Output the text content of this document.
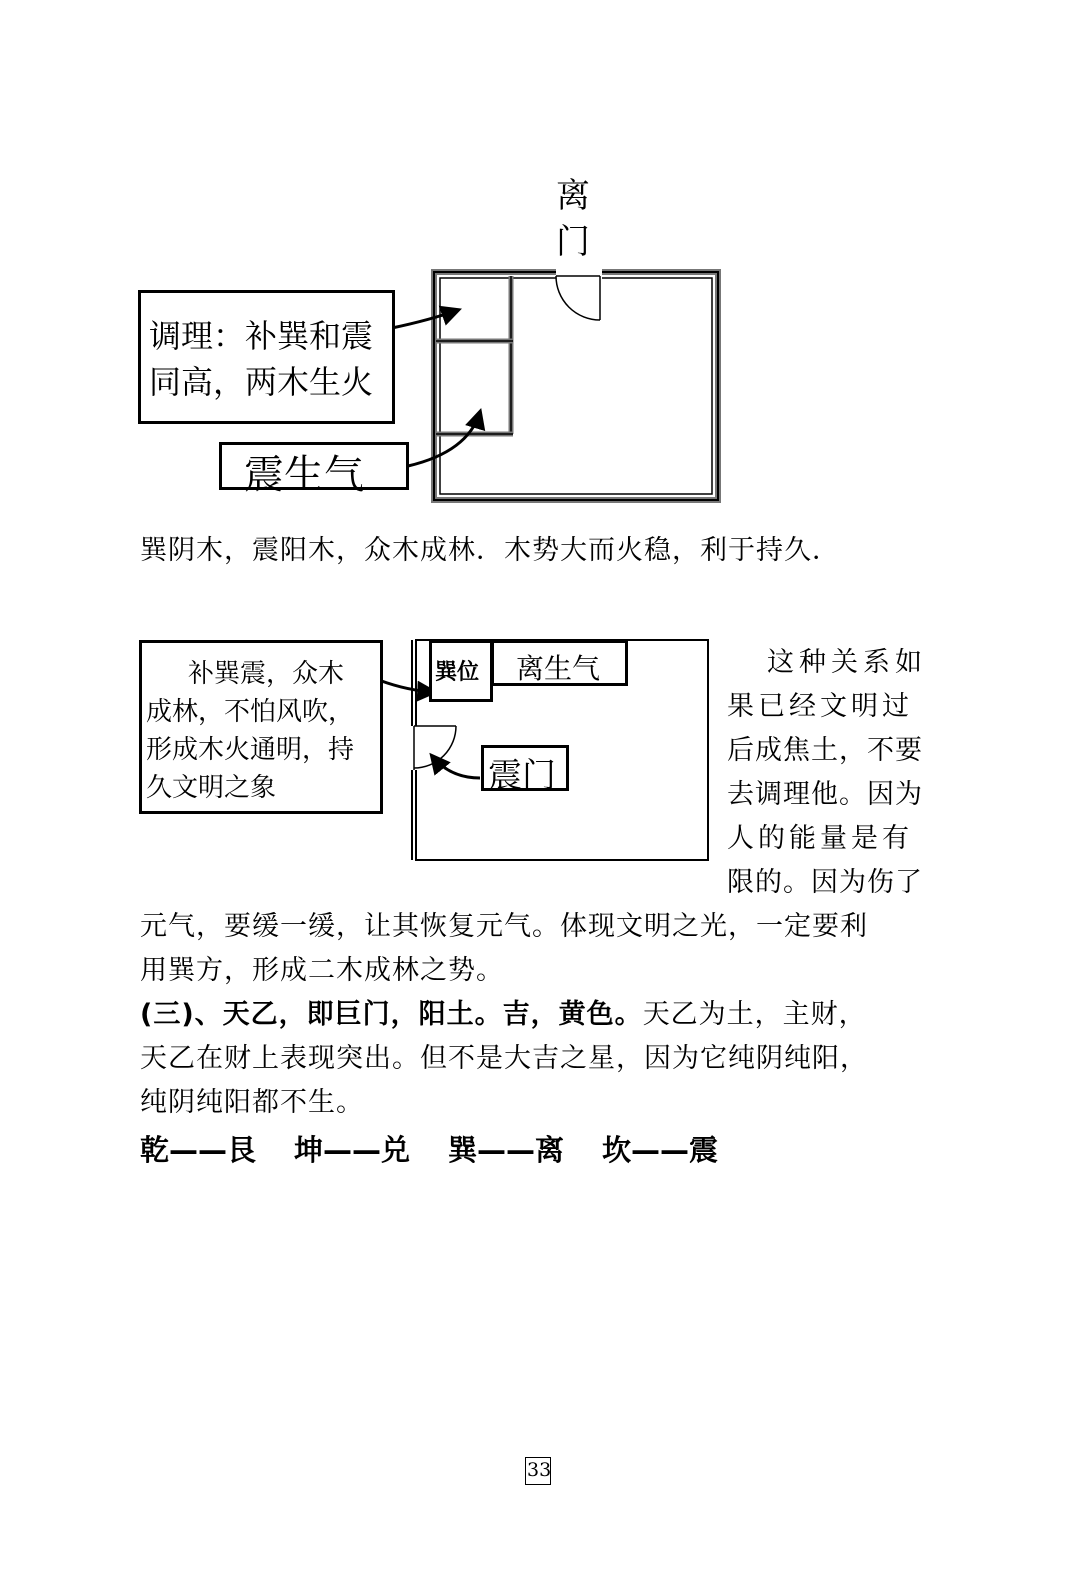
离
门
调理：补巽和震
同高，两木生火
震生气
巽阴木，震阳木，众木成林．木势大而火稳，利于持久．
补巽震，众木
成林，不怕风吹，
形成木火通明，持
久文明之象
巽位 离生气
震门
这种关系如
果已经文明过
后成焦土，不要
去调理他。因为
人的能量是有
限的。因为伤了
元气，要缓一缓，让其恢复元气。体现文明之光，一定要利
用巽方，形成二木成林之势。
(三)、天乙，即巨门，阳土。吉，黄色。天乙为土，主财，
天乙在财上表现突出。但不是大吉之星，因为它纯阴纯阳，
纯阴纯阳都不生。
乾——艮 坤——兑 巽——离 坎——震
33
